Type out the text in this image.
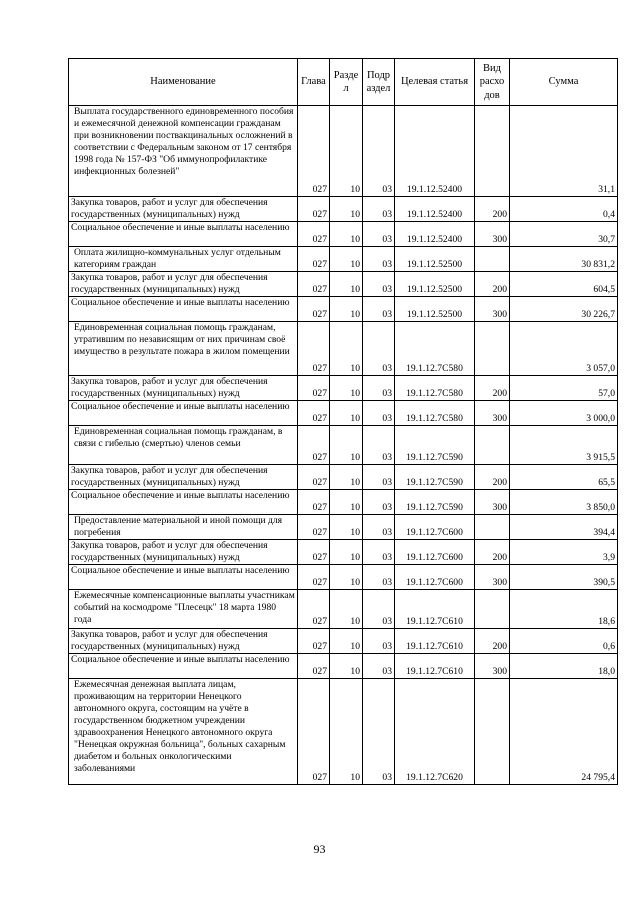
Наименование	Глава	Разде л	Подр аздел	Целевая статья	Вид расхо дов	Сумма
Выплата государственного единовременного пособия и ежемесячной денежной компенсации гражданам при возникновении поствакцинальных осложнений в соответствии с Федеральным законом от 17 сентября 1998 года № 157-ФЗ "Об иммунопрофилактике инфекционных болезней"	027	10	03	19.1.12.52400		31,1
Закупка товаров, работ и услуг для обеспечения государственных (муниципальных) нужд	027	10	03	19.1.12.52400	200	0,4
Социальное обеспечение и иные выплаты населению	027	10	03	19.1.12.52400	300	30,7
Оплата жилищно-коммунальных услуг отдельным категориям граждан	027	10	03	19.1.12.52500		30 831,2
Закупка товаров, работ и услуг для обеспечения государственных (муниципальных) нужд	027	10	03	19.1.12.52500	200	604,5
Социальное обеспечение и иные выплаты населению	027	10	03	19.1.12.52500	300	30 226,7
Единовременная социальная помощь гражданам, утратившим по независящим от них причинам своё имущество в результате пожара в жилом помещении	027	10	03	19.1.12.7С580		3 057,0
Закупка товаров, работ и услуг для обеспечения государственных (муниципальных) нужд	027	10	03	19.1.12.7С580	200	57,0
Социальное обеспечение и иные выплаты населению	027	10	03	19.1.12.7С580	300	3 000,0
Единовременная социальная помощь гражданам, в связи с гибелью (смертью) членов семьи	027	10	03	19.1.12.7С590		3 915,5
Закупка товаров, работ и услуг для обеспечения государственных (муниципальных) нужд	027	10	03	19.1.12.7С590	200	65,5
Социальное обеспечение и иные выплаты населению	027	10	03	19.1.12.7С590	300	3 850,0
Предоставление материальной и иной помощи для погребения	027	10	03	19.1.12.7С600		394,4
Закупка товаров, работ и услуг для обеспечения государственных (муниципальных) нужд	027	10	03	19.1.12.7С600	200	3,9
Социальное обеспечение и иные выплаты населению	027	10	03	19.1.12.7С600	300	390,5
Ежемесячные компенсационные выплаты участникам событий на космодроме "Плесецк" 18 марта 1980 года	027	10	03	19.1.12.7С610		18,6
Закупка товаров, работ и услуг для обеспечения государственных (муниципальных) нужд	027	10	03	19.1.12.7С610	200	0,6
Социальное обеспечение и иные выплаты населению	027	10	03	19.1.12.7С610	300	18,0
Ежемесячная денежная выплата лицам, проживающим на территории Ненецкого автономного округа, состоящим на учёте в государственном бюджетном учреждении здравоохранения Ненецкого автономного округа "Ненецкая окружная больница", больных сахарным диабетом и больных онкологическими заболеваниями	027	10	03	19.1.12.7С620		24 795,4
93
